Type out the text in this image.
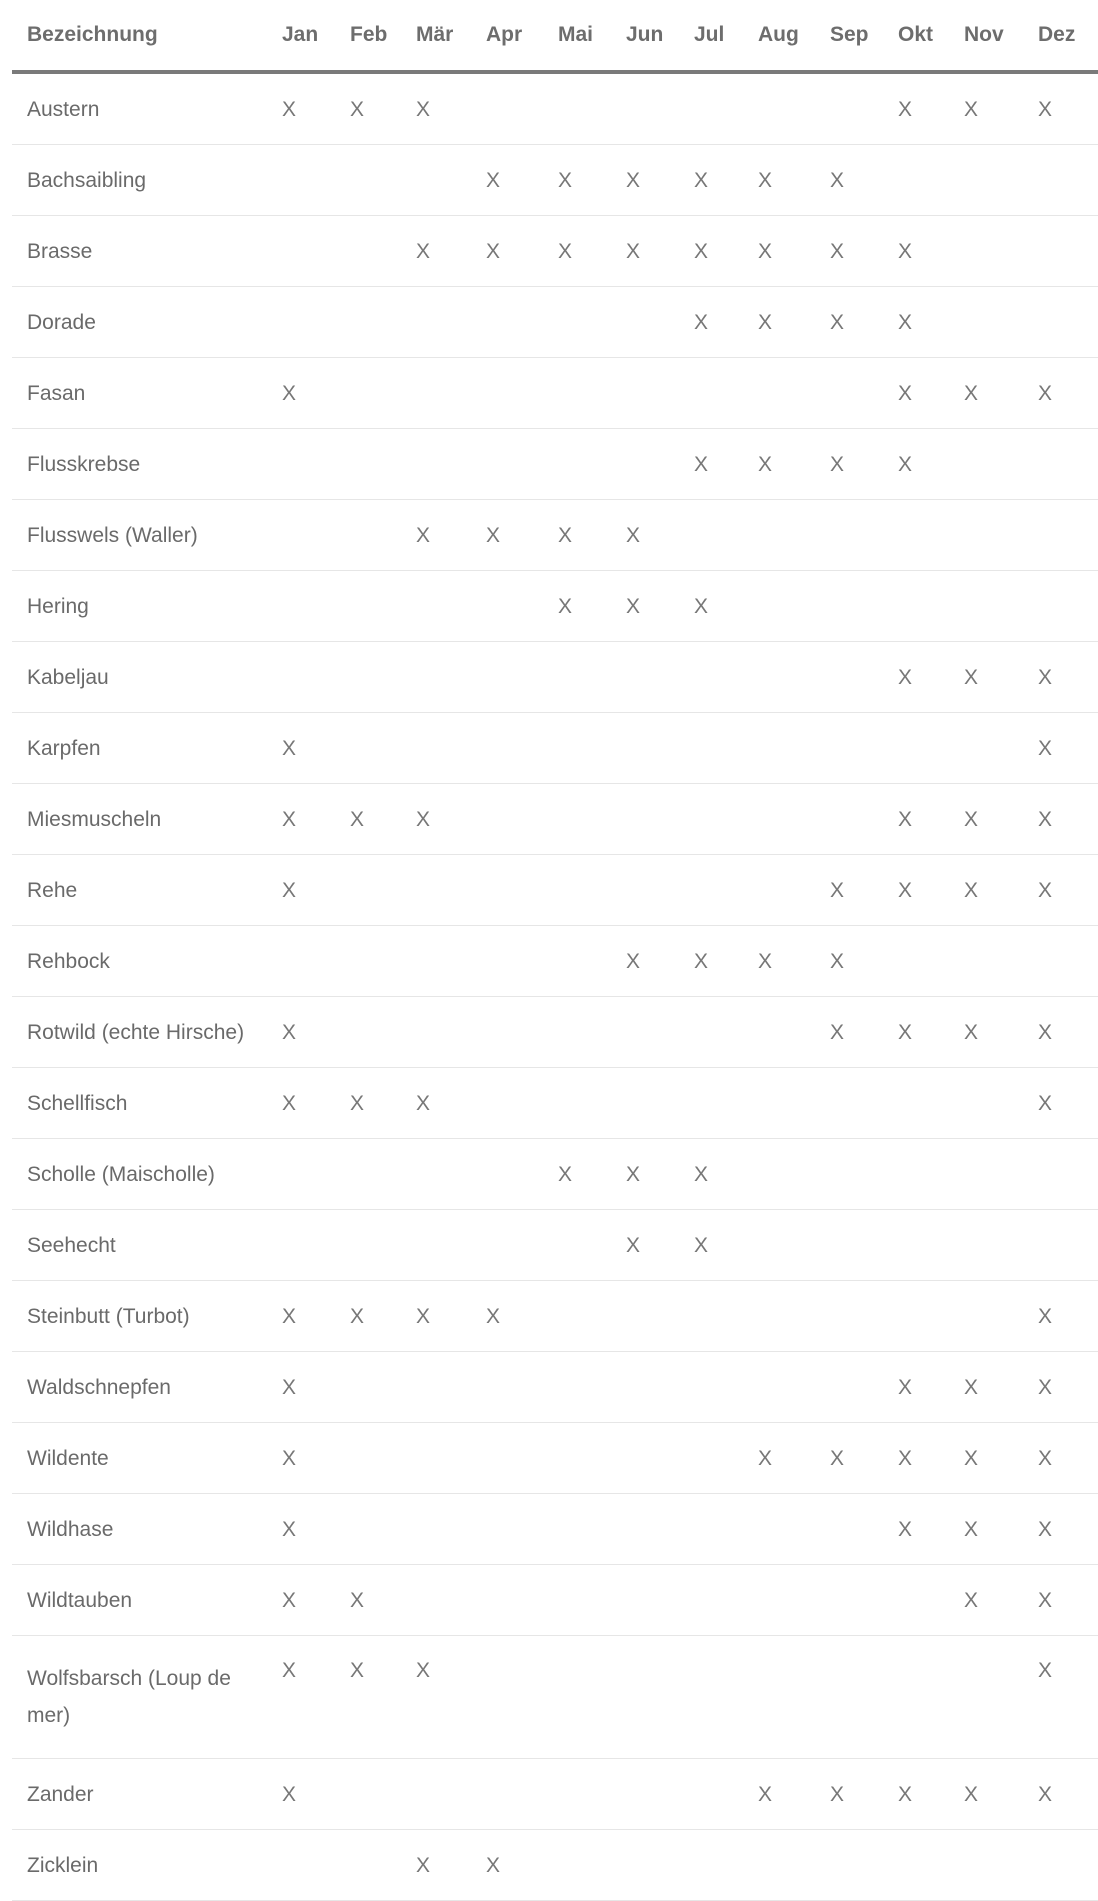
Bezeichnung	Jan	Feb	Mär	Apr	Mai	Jun	Jul	Aug	Sep	Okt	Nov	Dez
Austern	X	X	X							X	X	X
Bachsaibling				X	X	X	X	X	X			
Brasse			X	X	X	X	X	X	X	X		
Dorade							X	X	X	X		
Fasan	X									X	X	X
Flusskrebse							X	X	X	X		
Flusswels (Waller)			X	X	X	X						
Hering					X	X	X					
Kabeljau										X	X	X
Karpfen	X											X
Miesmuscheln	X	X	X							X	X	X
Rehe	X								X	X	X	X
Rehbock						X	X	X	X			
Rotwild (echte Hirsche)	X								X	X	X	X
Schellfisch	X	X	X									X
Scholle (Maischolle)					X	X	X					
Seehecht						X	X					
Steinbutt (Turbot)	X	X	X	X								X
Waldschnepfen	X									X	X	X
Wildente	X							X	X	X	X	X
Wildhase	X									X	X	X
Wildtauben	X	X									X	X
Wolfsbarsch (Loup de mer)	X	X	X									X
Zander	X							X	X	X	X	X
Zicklein			X	X								
